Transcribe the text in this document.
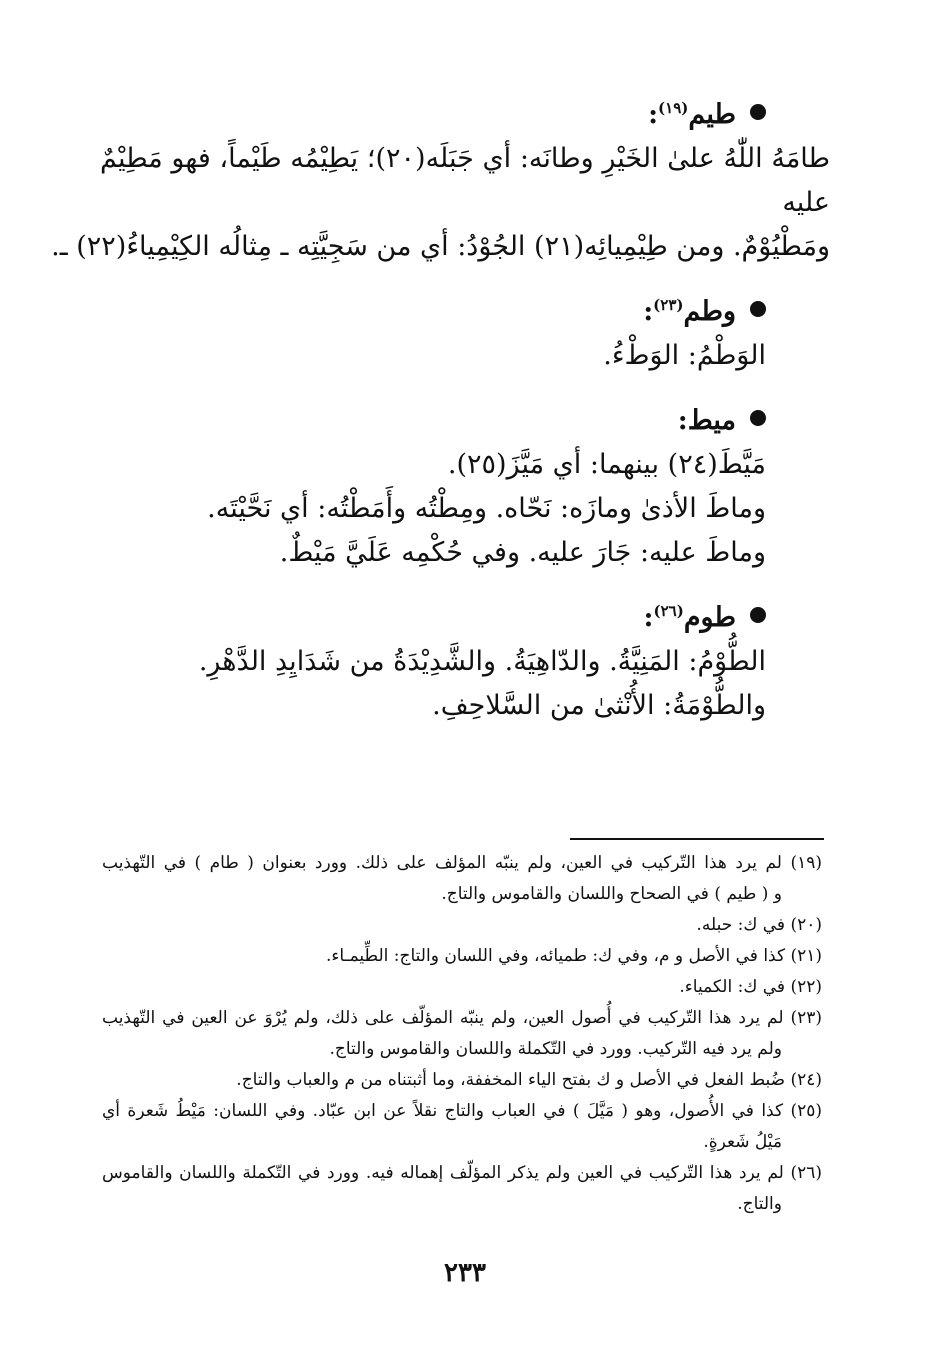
طيم$^{(١٩)}$:
طامَهُ اللّٰهُ علىٰ الخَيْرِ وطانَه: أي جَبَلَه(٢٠)؛ يَطِيْمُه طَيْماً، فهو مَطِيْمٌ عليه
ومَطْيُوْمٌ. ومن طِيْمِيائِه(٢١) الجُوْدُ: أي من سَجِيَّتِه ـ مِثالُه الكِيْمِياءُ(٢٢) ـ.
وطم$^{(٢٣)}$:
الوَطْمُ: الوَطْءُ.
ميط:
مَيَّطَ(٢٤) بينهما: أي مَيَّزَ(٢٥).
وماطَ الأذىٰ ومازَه: نَحّاه. ومِطْتُه وأَمَطْتُه: أي نَحَّيْتَه.
وماطَ عليه: جَارَ عليه. وفي حُكْمِه عَلَيَّ مَيْطٌ.
طوم$^{(٢٦)}$:
الطُّوْمُ: المَنِيَّةُ. والدّاهِيَةُ. والشَّدِيْدَةُ من شَدَايِدِ الدَّهْرِ.
والطُّوْمَةُ: الأُنْثىٰ من السَّلاحِفِ.
(١٩) لم يرد هذا التّركيب في العين، ولم ينبّه المؤلف على ذلك. وورد بعنوان ( طام ) في التّهذيب
و ( طيم ) في الصحاح واللسان والقاموس والتاج.
(٢٠) في ك: حبله.
(٢١) كذا في الأصل و م، وفي ك: طميائه، وفي اللسان والتاج: الطِّيمـاء.
(٢٢) في ك: الكمياء.
(٢٣) لم يرد هذا التّركيب في أُصول العين، ولم ينبّه المؤلّف على ذلك، ولم يُرْوَ عن العين في التّهذيب
ولم يرد فيه التّركيب. وورد في التّكملة واللسان والقاموس والتاج.
(٢٤) ضُبط الفعل في الأصل و ك بفتح الياء المخففة، وما أثبتناه من م والعباب والتاج.
(٢٥) كذا في الأُصول، وهو ( مَيَّلَ ) في العباب والتاج نقلاً عن ابن عبّاد. وفي اللسان: مَيْطُ شَعرة أي
مَيْلُ شَعرةٍ.
(٢٦) لم يرد هذا التّركيب في العين ولم يذكر المؤلّف إهماله فيه. وورد في التّكملة واللسان والقاموس
والتاج.
٢٣٣
